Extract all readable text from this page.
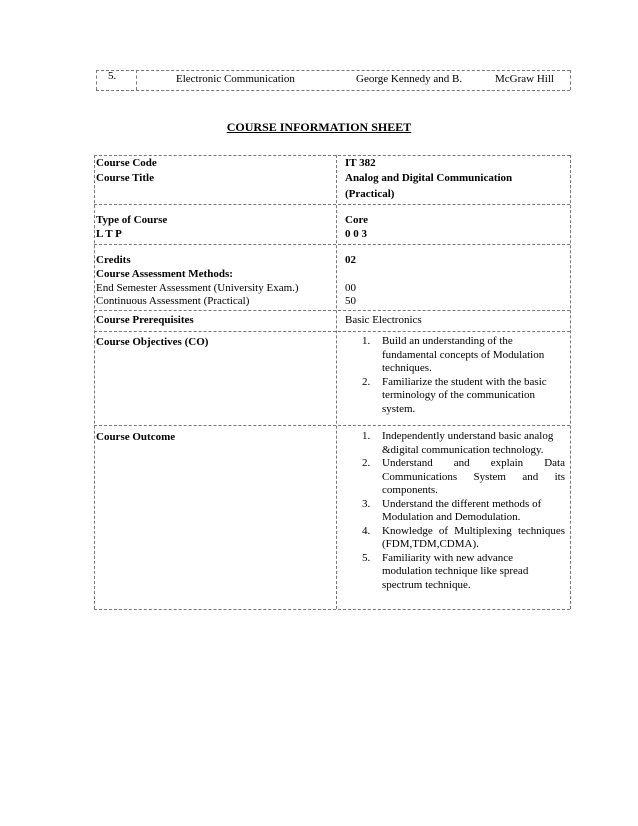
5.	Electronic Communication	George Kennedy and B.	McGraw Hill
COURSE INFORMATION SHEET
Course Code	IT 382
Course Title	Analog and Digital Communication
(Practical)
Type of Course	Core
L T P	0 0 3
Credits	02
Course Assessment Methods:
End Semester Assessment (University Exam.)	00
Continuous Assessment (Practical)	50
Course Prerequisites	Basic Electronics
Course Objectives (CO)	1. Build an understanding of the fundamental concepts of Modulation techniques.
2. Familiarize the student with the basic terminology of the communication system.
Course Outcome	1. Independently understand basic analog &digital communication technology.
2. Understand and explain Data Communications System and its components.
3. Understand the different methods of Modulation and Demodulation.
4. Knowledge of Multiplexing techniques (FDM,TDM,CDMA).
5. Familiarity with new advance modulation technique like spread spectrum technique.
